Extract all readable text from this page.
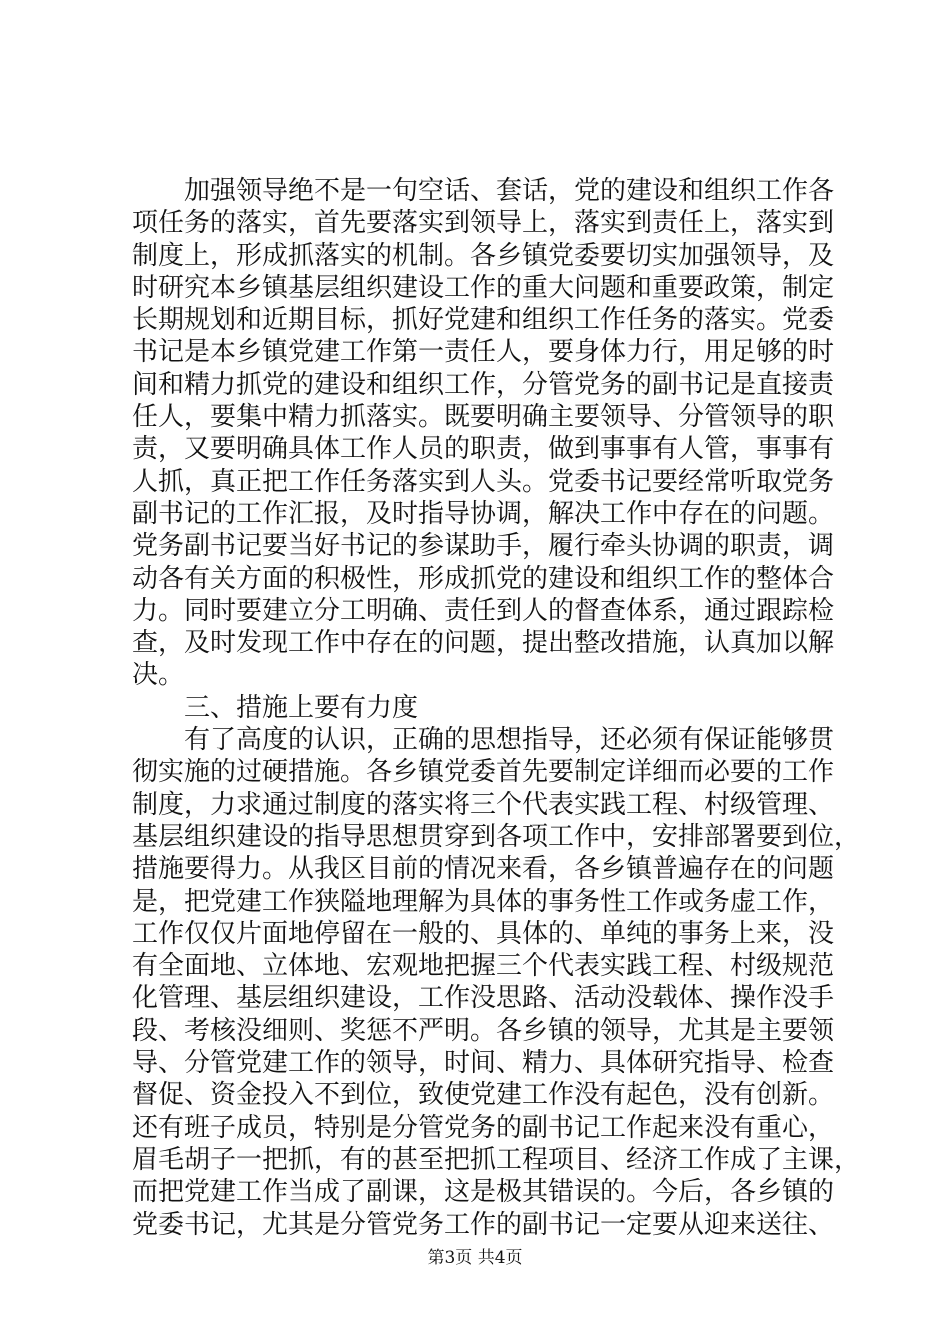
　　加强领导绝不是一句空话、套话，党的建设和组织工作各
项任务的落实，首先要落实到领导上，落实到责任上，落实到
制度上，形成抓落实的机制。各乡镇党委要切实加强领导，及
时研究本乡镇基层组织建设工作的重大问题和重要政策，制定
长期规划和近期目标，抓好党建和组织工作任务的落实。党委
书记是本乡镇党建工作第一责任人，要身体力行，用足够的时
间和精力抓党的建设和组织工作，分管党务的副书记是直接责
任人，要集中精力抓落实。既要明确主要领导、分管领导的职
责，又要明确具体工作人员的职责，做到事事有人管，事事有
人抓，真正把工作任务落实到人头。党委书记要经常听取党务
副书记的工作汇报，及时指导协调，解决工作中存在的问题。
党务副书记要当好书记的参谋助手，履行牵头协调的职责，调
动各有关方面的积极性，形成抓党的建设和组织工作的整体合
力。同时要建立分工明确、责任到人的督查体系，通过跟踪检
查，及时发现工作中存在的问题，提出整改措施，认真加以解
决。
　　三、措施上要有力度
　　有了高度的认识，正确的思想指导，还必须有保证能够贯
彻实施的过硬措施。各乡镇党委首先要制定详细而必要的工作
制度，力求通过制度的落实将三个代表实践工程、村级管理、
基层组织建设的指导思想贯穿到各项工作中，安排部署要到位，
措施要得力。从我区目前的情况来看，各乡镇普遍存在的问题
是，把党建工作狭隘地理解为具体的事务性工作或务虚工作，
工作仅仅片面地停留在一般的、具体的、单纯的事务上来，没
有全面地、立体地、宏观地把握三个代表实践工程、村级规范
化管理、基层组织建设，工作没思路、活动没载体、操作没手
段、考核没细则、奖惩不严明。各乡镇的领导，尤其是主要领
导、分管党建工作的领导，时间、精力、具体研究指导、检查
督促、资金投入不到位，致使党建工作没有起色，没有创新。
还有班子成员，特别是分管党务的副书记工作起来没有重心，
眉毛胡子一把抓，有的甚至把抓工程项目、经济工作成了主课，
而把党建工作当成了副课，这是极其错误的。今后，各乡镇的
党委书记，尤其是分管党务工作的副书记一定要从迎来送往、
第3页 共4页
